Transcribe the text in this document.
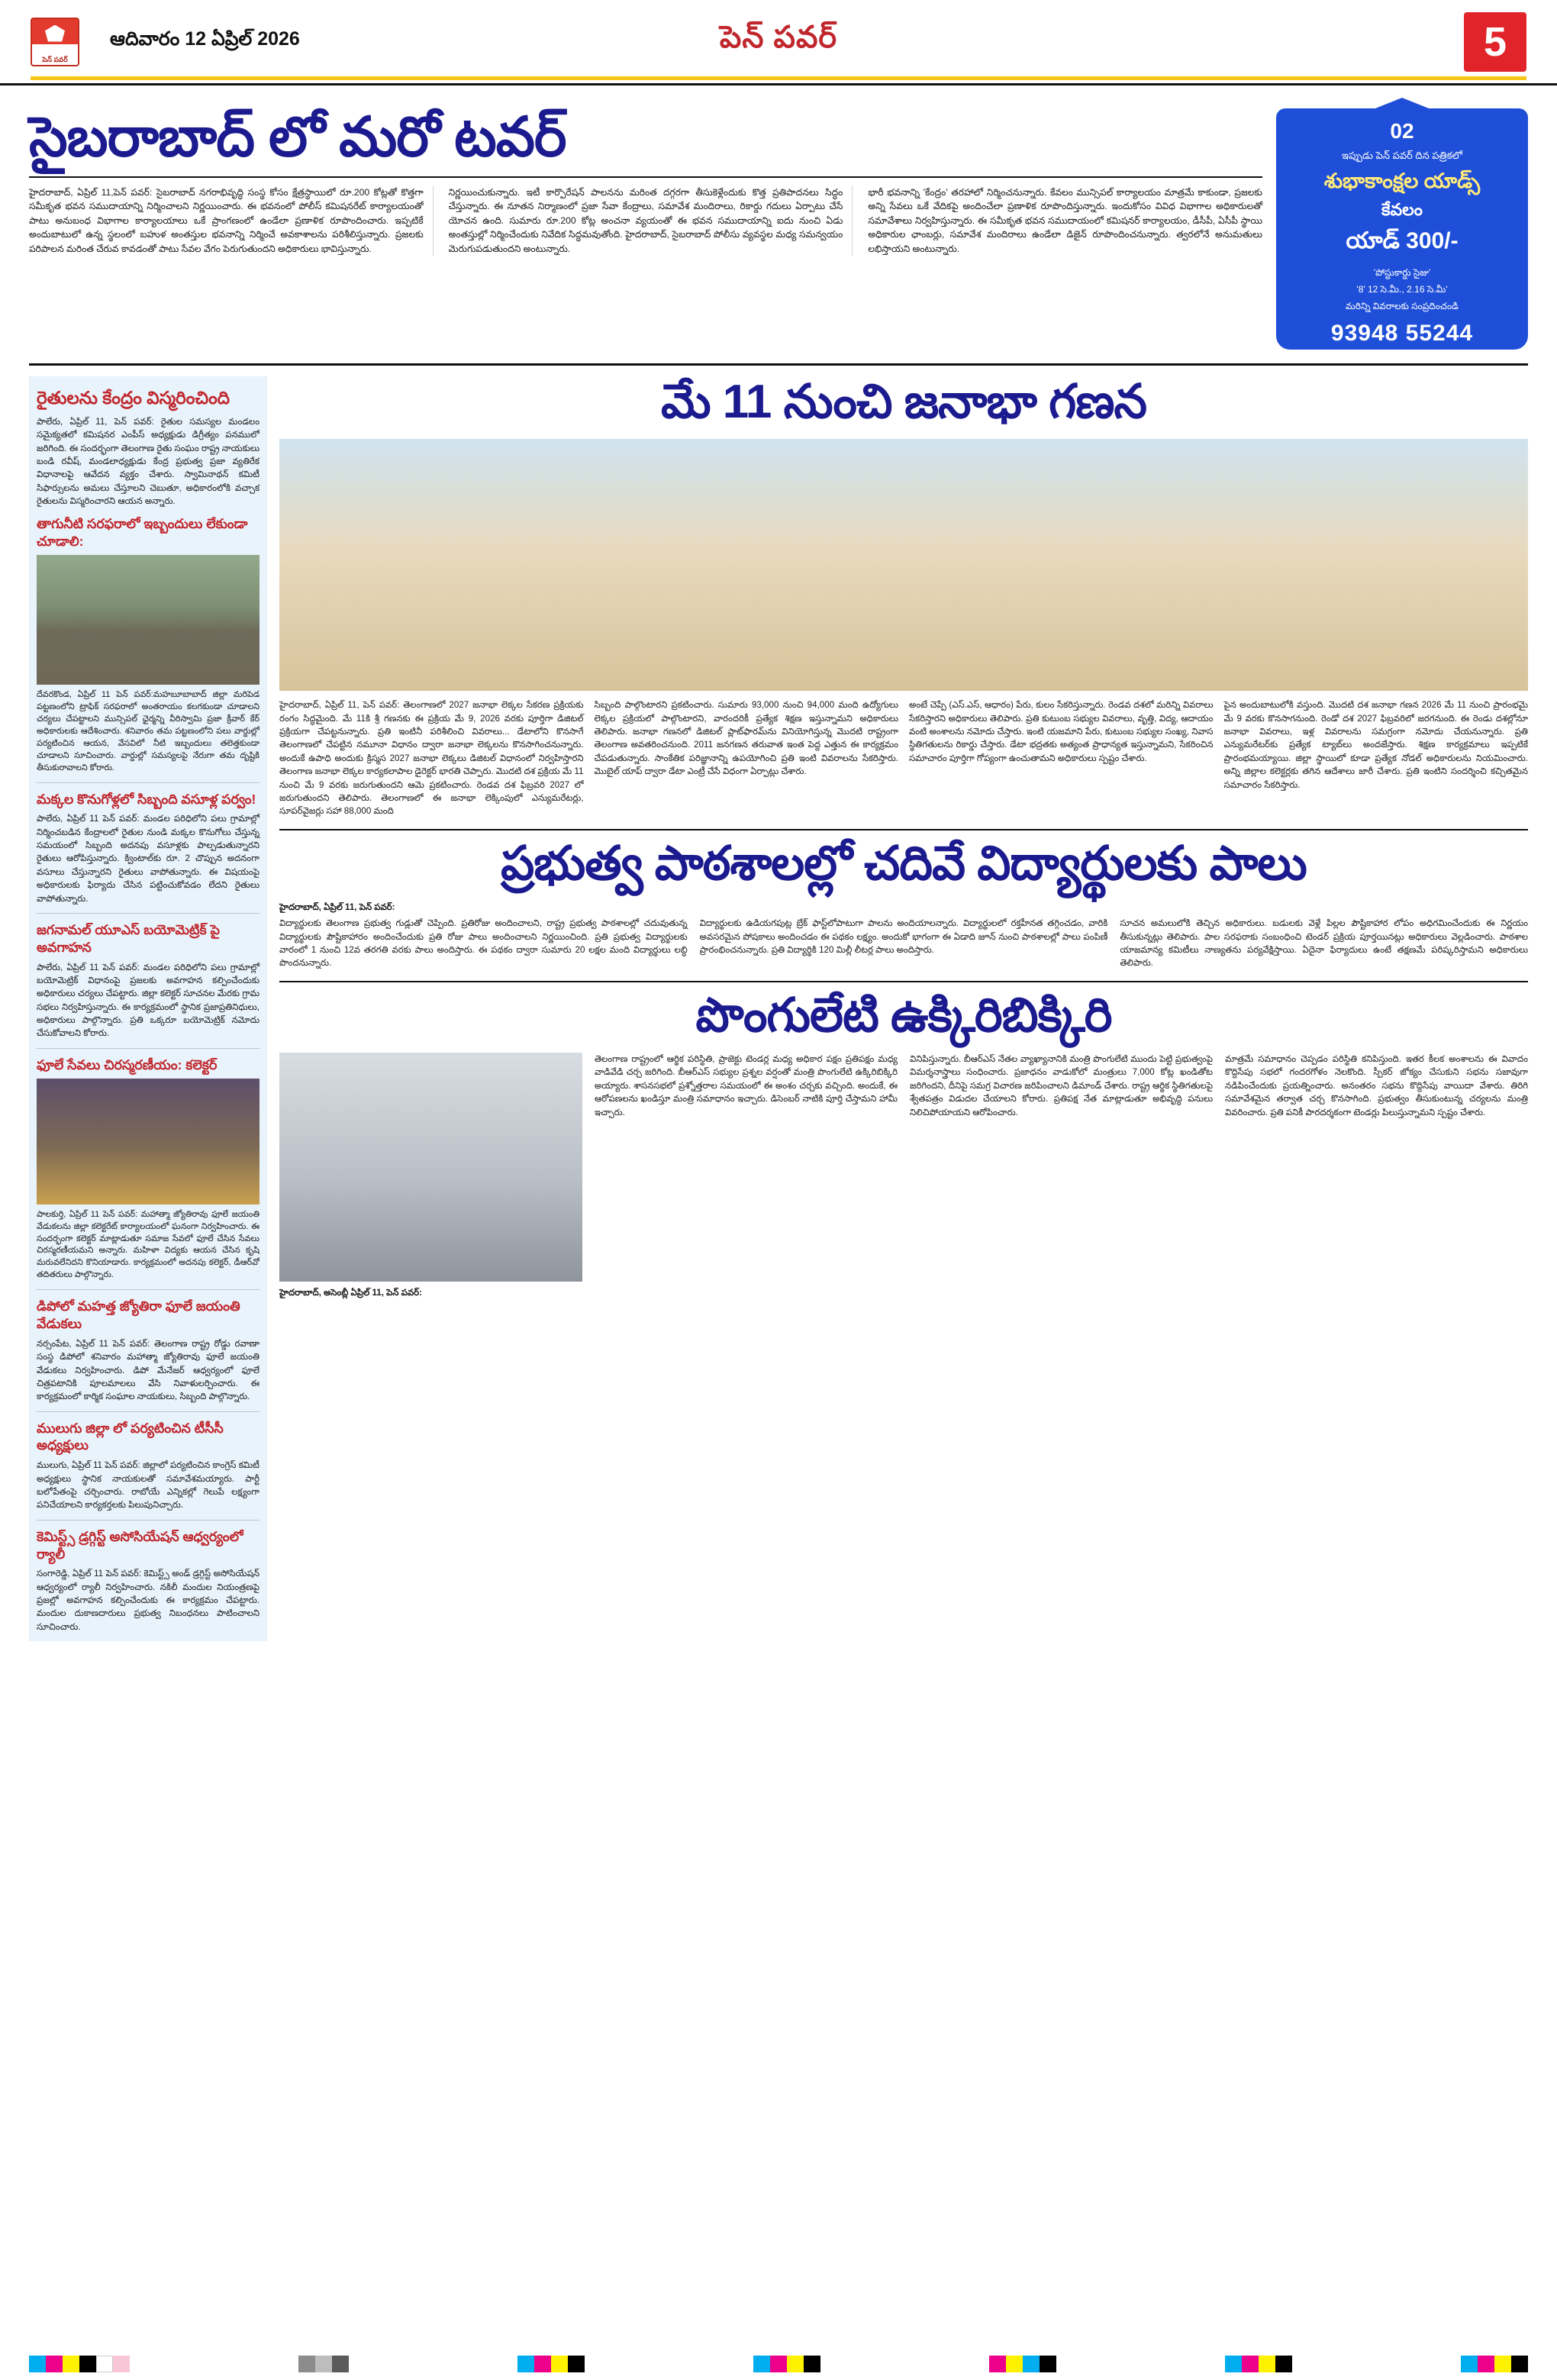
పెన్ పవర్
ఆదివారం 12 ఏప్రిల్ 2026	పెన్ పవర్	5
సైబరాబాద్ లో మరో టవర్
హైదరాబాద్, ఏప్రిల్ 11,పెన్ పవర్: సైబరాబాద్ నగరాభివృద్ధి సంస్థ కోసం క్షేత్రస్థాయిలో రూ.200 కోట్లతో కొత్తగా సమీకృత భవన సముదాయాన్ని నిర్మించాలని నిర్ణయించారు. ఈ భవనంలో పోలీస్ కమిషనరేట్ కార్యాలయంతో పాటు అనుబంధ విభాగాల కార్యాలయాలు ఒకే ప్రాంగణంలో ఉండేలా ప్రణాళిక రూపొందించారు. ఇప్పటికే అందుబాటులో ఉన్న స్థలంలో బహుళ అంతస్తుల భవనాన్ని నిర్మించే అవకాశాలను పరిశీలిస్తున్నారు. ప్రజలకు పరిపాలన మరింత చేరువ కావడంతో పాటు సేవల వేగం పెరుగుతుందని అధికారులు భావిస్తున్నారు.
నిర్ణయించుకున్నారు. ఇటీ కార్పొరేషన్ పాలనను మరింత దగ్గరగా తీసుకెళ్లేందుకు కొత్త ప్రతిపాదనలు సిద్ధం చేస్తున్నారు. ఈ నూతన నిర్మాణంలో ప్రజా సేవా కేంద్రాలు, సమావేశ మందిరాలు, రికార్డు గదులు ఏర్పాటు చేసే యోచన ఉంది. సుమారు రూ.200 కోట్ల అంచనా వ్యయంతో ఈ భవన సముదాయాన్ని ఐదు నుంచి ఏడు అంతస్తుల్లో నిర్మించేందుకు నివేదిక సిద్ధమవుతోంది. హైదరాబాద్, సైబరాబాద్ పోలీసు వ్యవస్థల మధ్య సమన్వయం మెరుగుపడుతుందని అంటున్నారు.
భారీ భవనాన్ని 'కేంద్రం' తరహాలో నిర్మించనున్నారు. కేవలం మున్సిపల్ కార్యాలయం మాత్రమే కాకుండా, ప్రజలకు అన్ని సేవలు ఒకే వేదికపై అందించేలా ప్రణాళిక రూపొందిస్తున్నారు. ఇందుకోసం వివిధ విభాగాల అధికారులతో సమావేశాలు నిర్వహిస్తున్నారు. ఈ సమీకృత భవన సముదాయంలో కమిషనర్ కార్యాలయం, డీసీపీ, ఏసీపీ స్థాయి అధికారుల ఛాంబర్లు, సమావేశ మందిరాలు ఉండేలా డిజైన్ రూపొందించనున్నారు. త్వరలోనే అనుమతులు లభిస్తాయని అంటున్నారు.
02
ఇప్పుడు పెన్ పవర్ దిన పత్రికలో
శుభాకాంక్షల యాడ్స్
కేవలం
యాడ్ 300/-
'పోస్టుకార్డు సైజు'
'8' 12 సె.మీ., 2.16 సె.మీ'
మరిన్ని వివరాలకు సంప్రదించండి
93948 55244
వివరాలు వెనుకవైపు
రైతులను కేంద్రం విస్మరించింది
పాలేరు, ఏప్రిల్ 11, పెన్ పవర్: రైతుల సమస్యల మండలం సమైక్యతలో కమిషనర ఎంపీస్ అధ్యక్షుడు డిగ్రీత్యం పనములో జరిగింది. ఈ సందర్భంగా తెలంగాణ రైతు సంఘం రాష్ట్ర నాయకులు బండి రవీష్, మండలాధ్యక్షుడు కేంద్ర ప్రభుత్వ ప్రజా వ్యతిరేక విధానాలపై ఆవేదన వ్యక్తం చేశారు. స్వామినాథన్ కమిటీ సిఫార్సులను అమలు చేస్తూలని చెబుతూ, అధికారంలోకి వచ్చాక రైతులను విస్మరించారని ఆయన అన్నారు.
తాగునీటి సరఫరాలో ఇబ్బందులు లేకుండా చూడాలి:
దేవరకొండ, ఏప్రిల్ 11 పెన్ పవర్:మహబూబాబాద్ జిల్లా మరిపెడ పట్టణంలోని ట్రాఫిక్ సరఫరాలో అంతరాయం కలగకుండా చూడాలని చర్యలు చేపట్టాలని మున్సిపల్ ఛైర్మన్ని వీరిస్వామి ప్రజా క్రీవార్ కేర్ అధికారులకు ఆదేశించారు. శనివారం తమ పట్టణంలోని పలు వార్డుల్లో పర్యటించిన ఆయన, వేసవిలో నీటి ఇబ్బందులు తలెత్తకుండా చూడాలని సూచించారు. వార్డుల్లో సమస్యలపై నేరుగా తమ దృష్టికి తీసుకురావాలని కోరారు.
మక్కల కొనుగోళ్లలో సిబ్బంది వసూళ్ల పర్వం!
పాలేరు, ఏప్రిల్ 11 పెన్ పవర్: మండల పరిధిలోని పలు గ్రామాల్లో నిర్మించబడిన కేంద్రాలలో రైతుల నుండి మక్కల కొనుగోలు చేస్తున్న సమయంలో సిబ్బంది అదనపు వసూళ్లకు పాల్పడుతున్నారని రైతులు ఆరోపిస్తున్నారు. క్వింటాల్‌కు రూ. 2 చొప్పున అదనంగా వసూలు చేస్తున్నారని రైతులు వాపోతున్నారు. ఈ విషయంపై అధికారులకు ఫిర్యాదు చేసిన పట్టించుకోవడం లేదని రైతులు వాపోతున్నారు.
జగనామల్ యూఎస్ బయోమెట్రిక్ పై అవగాహన
పాలేరు, ఏప్రిల్ 11 పెన్ పవర్: మండల పరిధిలోని పలు గ్రామాల్లో బయోమెట్రిక్ విధానంపై ప్రజలకు అవగాహన కల్పించేందుకు అధికారులు చర్యలు చేపట్టారు. జిల్లా కలెక్టర్ సూచనల మేరకు గ్రామ సభలు నిర్వహిస్తున్నారు. ఈ కార్యక్రమంలో స్థానిక ప్రజాప్రతినిధులు, అధికారులు పాల్గొన్నారు. ప్రతి ఒక్కరూ బయోమెట్రిక్ నమోదు చేసుకోవాలని కోరారు.
ఫూలే సేవలు చిరస్మరణీయం: కలెక్టర్
పాలకుర్తి, ఏప్రిల్ 11 పెన్ పవర్: మహాత్మా జ్యోతిరావు ఫూలే జయంతి వేడుకలను జిల్లా కలెక్టరేట్ కార్యాలయంలో ఘనంగా నిర్వహించారు. ఈ సందర్భంగా కలెక్టర్ మాట్లాడుతూ సమాజ సేవలో ఫూలే చేసిన సేవలు చిరస్మరణీయమని అన్నారు. మహిళా విద్యకు ఆయన చేసిన కృషి మరువలేనిదని కొనియాడారు. కార్యక్రమంలో అదనపు కలెక్టర్, డీఆర్‌వో తదితరులు పాల్గొన్నారు.
డిపోలో మహత్త జ్యోతిరా ఫూలే జయంతి వేడుకలు
నర్సంపేట, ఏప్రిల్ 11 పెన్ పవర్: తెలంగాణ రాష్ట్ర రోడ్డు రవాణా సంస్థ డిపోలో శనివారం మహాత్మా జ్యోతిరావు ఫూలే జయంతి వేడుకలు నిర్వహించారు. డిపో మేనేజర్ ఆధ్వర్యంలో ఫూలే చిత్రపటానికి పూలమాలలు వేసి నివాళులర్పించారు. ఈ కార్యక్రమంలో కార్మిక సంఘాల నాయకులు, సిబ్బంది పాల్గొన్నారు.
ములుగు జిల్లా లో పర్యటించిన టీసీసీ అధ్యక్షులు
ములుగు, ఏప్రిల్ 11 పెన్ పవర్: జిల్లాలో పర్యటించిన కాంగ్రెస్ కమిటీ అధ్యక్షులు స్థానిక నాయకులతో సమావేశమయ్యారు. పార్టీ బలోపేతంపై చర్చించారు. రాబోయే ఎన్నికల్లో గెలుపే లక్ష్యంగా పనిచేయాలని కార్యకర్తలకు పిలుపునిచ్చారు.
కెమిస్ట్స్ డ్రగ్గిస్ట్ అసోసియేషన్ ఆధ్వర్యంలో ర్యాలీ
సంగారెడ్డి, ఏప్రిల్ 11 పెన్ పవర్: కెమిస్ట్స్ అండ్ డ్రగ్గిస్ట్ అసోసియేషన్ ఆధ్వర్యంలో ర్యాలీ నిర్వహించారు. నకిలీ మందుల నియంత్రణపై ప్రజల్లో అవగాహన కల్పించేందుకు ఈ కార్యక్రమం చేపట్టారు. మందుల దుకాణదారులు ప్రభుత్వ నిబంధనలు పాటించాలని సూచించారు.
మే 11 నుంచి జనాభా గణన
హైదరాబాద్, ఏప్రిల్ 11, పెన్ పవర్: తెలంగాణలో 2027 జనాభా లెక్కల సేకరణ ప్రక్రియకు రంగం సిద్ధమైంది. మే 11కి శ్రీ గణనకు ఈ ప్రక్రియ మే 9, 2026 వరకు పూర్తిగా డిజిటల్ ప్రక్రియగా చేపట్టనున్నారు. ప్రతి ఇంటినీ పరిశీలించి వివరాలు... డేటాలోని కొనసాగే తెలంగాణలో చేపట్టిన నమూనా విధానం ద్వారా జనాభా లెక్కలను కొనసాగించనున్నారు. అందుకే ఉపాధి అందుకు క్రిస్మస 2027 జనాభా లెక్కలు డిజిటల్ విధానంలో నిర్వహిస్తారని తెలంగాణ జనాభా లెక్కల కార్యకలాపాల డైరెక్టర్ భారతి చెప్పారు. మొదటి దశ ప్రక్రియ మే 11 నుంచి మే 9 వరకు జరుగుతుందని ఆమె ప్రకటించారు. రెండవ దశ ఫిబ్రవరి 2027 లో జరుగుతుందని తెలిపారు. తెలంగాణలో ఈ జనాభా లెక్కింపులో ఎన్యుమరేటర్లు, సూపర్‌వైజర్లు సహా 88,000 మంది
సిబ్బంది పాల్గొంటారని ప్రకటించారు. సుమారు 93,000 నుంచి 94,000 మంది ఉద్యోగులు లెక్కల ప్రక్రియలో పాల్గొంటారని, వారందరికీ ప్రత్యేక శిక్షణ ఇస్తున్నామని అధికారులు తెలిపారు. జనాభా గణనలో డిజిటల్ ప్లాట్‌ఫారమ్‌ను వినియోగిస్తున్న మొదటి రాష్ట్రంగా తెలంగాణ అవతరించనుంది. 2011 జనగణన తరువాత ఇంత పెద్ద ఎత్తున ఈ కార్యక్రమం చేపడుతున్నారు. సాంకేతిక పరిజ్ఞానాన్ని ఉపయోగించి ప్రతి ఇంటి వివరాలను సేకరిస్తారు. మొబైల్ యాప్ ద్వారా డేటా ఎంట్రీ చేసే విధంగా ఏర్పాట్లు చేశారు.
అంటే చెప్పే (ఎస్‌.ఎస్‌, ఆధారం) పేరు, కులం సేకరిస్తున్నారు. రెండవ దశలో మరిన్ని వివరాలు సేకరిస్తారని అధికారులు తెలిపారు. ప్రతి కుటుంబ సభ్యుల వివరాలు, వృత్తి, విద్య, ఆదాయం వంటి అంశాలను నమోదు చేస్తారు. ఇంటి యజమాని పేరు, కుటుంబ సభ్యుల సంఖ్య, నివాస స్థితిగతులను రికార్డు చేస్తారు. డేటా భద్రతకు అత్యంత ప్రాధాన్యత ఇస్తున్నామని, సేకరించిన సమాచారం పూర్తిగా గోప్యంగా ఉంచుతామని అధికారులు స్పష్టం చేశారు.
పైన అందుబాటులోకి వస్తుంది. మొదటి దశ జనాభా గణన 2026 మే 11 నుంచి ప్రారంభమై మే 9 వరకు కొనసాగనుంది. రెండో దశ 2027 ఫిబ్రవరిలో జరగనుంది. ఈ రెండు దశల్లోనూ జనాభా వివరాలు, ఇళ్ల వివరాలను సమగ్రంగా నమోదు చేయనున్నారు. ప్రతి ఎన్యుమరేటర్‌కు ప్రత్యేక ట్యాబ్‌లు అందజేస్తారు. శిక్షణ కార్యక్రమాలు ఇప్పటికే ప్రారంభమయ్యాయి. జిల్లా స్థాయిలో కూడా ప్రత్యేక నోడల్ అధికారులను నియమించారు. అన్ని జిల్లాల కలెక్టర్లకు తగిన ఆదేశాలు జారీ చేశారు. ప్రతి ఇంటిని సందర్శించి కచ్చితమైన సమాచారం సేకరిస్తారు.
ప్రభుత్వ పాఠశాలల్లో చదివే విద్యార్థులకు పాలు
హైదరాబాద్, ఏప్రిల్ 11, పెన్ పవర్:
విద్యార్థులకు తెలంగాణ ప్రభుత్వ గుడ్లుతో చెప్పింది. ప్రతిరోజు అందించాలని, రాష్ట్ర ప్రభుత్వ పాఠశాలల్లో చదువుతున్న విద్యార్థులకు పౌష్టికాహారం అందించేందుకు ప్రతి రోజు పాలు అందించాలని నిర్ణయించింది. ప్రతి ప్రభుత్వ విద్యార్థులకు వారంలో 1 నుంచి 12వ తరగతి వరకు పాలు అందిస్తారు. ఈ పథకం ద్వారా సుమారు 20 లక్షల మంది విద్యార్థులు లబ్ధి పొందనున్నారు.
విద్యార్థులకు ఉడియగపుట్ల బ్రేక్ ఫాస్ట్‌లోపాటుగా పాలను అందియాలన్నారు. విద్యార్థులలో రక్తహీనత తగ్గించడం, వారికి అవసరమైన పోషకాలు అందించడం ఈ పథకం లక్ష్యం. అందుకో భాగంగా ఈ ఏడాది జూన్ నుంచి పాఠశాలల్లో పాలు పంపిణీ ప్రారంభించనున్నారు. ప్రతి విద్యార్థికి 120 మిల్లీ లీటర్ల పాలు అందిస్తారు.
సూచన అమలులోకి తెచ్చిన అధికారులు. బడులకు వెళ్లే పిల్లల పౌష్టికాహార లోపం అధిగమించేందుకు ఈ నిర్ణయం తీసుకున్నట్లు తెలిపారు. పాల సరఫరాకు సంబంధించి టెండర్ ప్రక్రియ పూర్తయినట్లు అధికారులు వెల్లడించారు. పాఠశాల యాజమాన్య కమిటీలు నాణ్యతను పర్యవేక్షిస్తాయి. ఏదైనా ఫిర్యాదులు ఉంటే తక్షణమే పరిష్కరిస్తామని అధికారులు తెలిపారు.
పొంగులేటి ఉక్కిరిబిక్కిరి
హైదరాబాద్, అసెంబ్లీ ఏప్రిల్ 11, పెన్ పవర్:
తెలంగాణ రాష్ట్రంలో ఆర్థిక పరిస్థితి, ప్రాజెక్టు టెండర్ల మధ్య అధికార పక్షం ప్రతిపక్షం మధ్య వాడివేడి చర్చ జరిగింది. బీఆర్ఎస్ సభ్యుల ప్రశ్నల వర్షంతో మంత్రి పొంగులేటి ఉక్కిరిబిక్కిరి అయ్యారు. శాసనసభలో ప్రశ్నోత్తరాల సమయంలో ఈ అంశం చర్చకు వచ్చింది. అందుకే, ఈ ఆరోపణలను ఖండిస్తూ మంత్రి సమాధానం ఇచ్చారు. డిసెంబర్ నాటికి పూర్తి చేస్తామని హామీ ఇచ్చారు.
వినిపిస్తున్నారు. బీఆర్ఎస్ నేతల వ్యాఖ్యానానికి మంత్రి పొంగులేటి ముందు పెట్టి ప్రభుత్వంపై విమర్శనాస్త్రాలు సంధించారు. ప్రజాధనం వాడుకోలో మంత్రులు 7,000 కోట్ల ఖండితోట జరిగిందని, దీనిపై సమగ్ర విచారణ జరిపించాలని డిమాండ్ చేశారు. రాష్ట్ర ఆర్థిక స్థితిగతులపై శ్వేతపత్రం విడుదల చేయాలని కోరారు. ప్రతిపక్ష నేత మాట్లాడుతూ అభివృద్ధి పనులు నిలిచిపోయాయని ఆరోపించారు.
మాత్రమే సమాధానం చెప్పడం పరిస్థితి కనిపిస్తుంది. ఇతర కీలక అంశాలను ఈ వివాదం కొద్దిసేపు సభలో గందరగోళం నెలకొంది. స్పీకర్ జోక్యం చేసుకుని సభను సజావుగా నడిపించేందుకు ప్రయత్నించారు. అనంతరం సభను కొద్దిసేపు వాయిదా వేశారు. తిరిగి సమావేశమైన తర్వాత చర్చ కొనసాగింది. ప్రభుత్వం తీసుకుంటున్న చర్యలను మంత్రి వివరించారు. ప్రతి పనికీ పారదర్శకంగా టెండర్లు పిలుస్తున్నామని స్పష్టం చేశారు.
